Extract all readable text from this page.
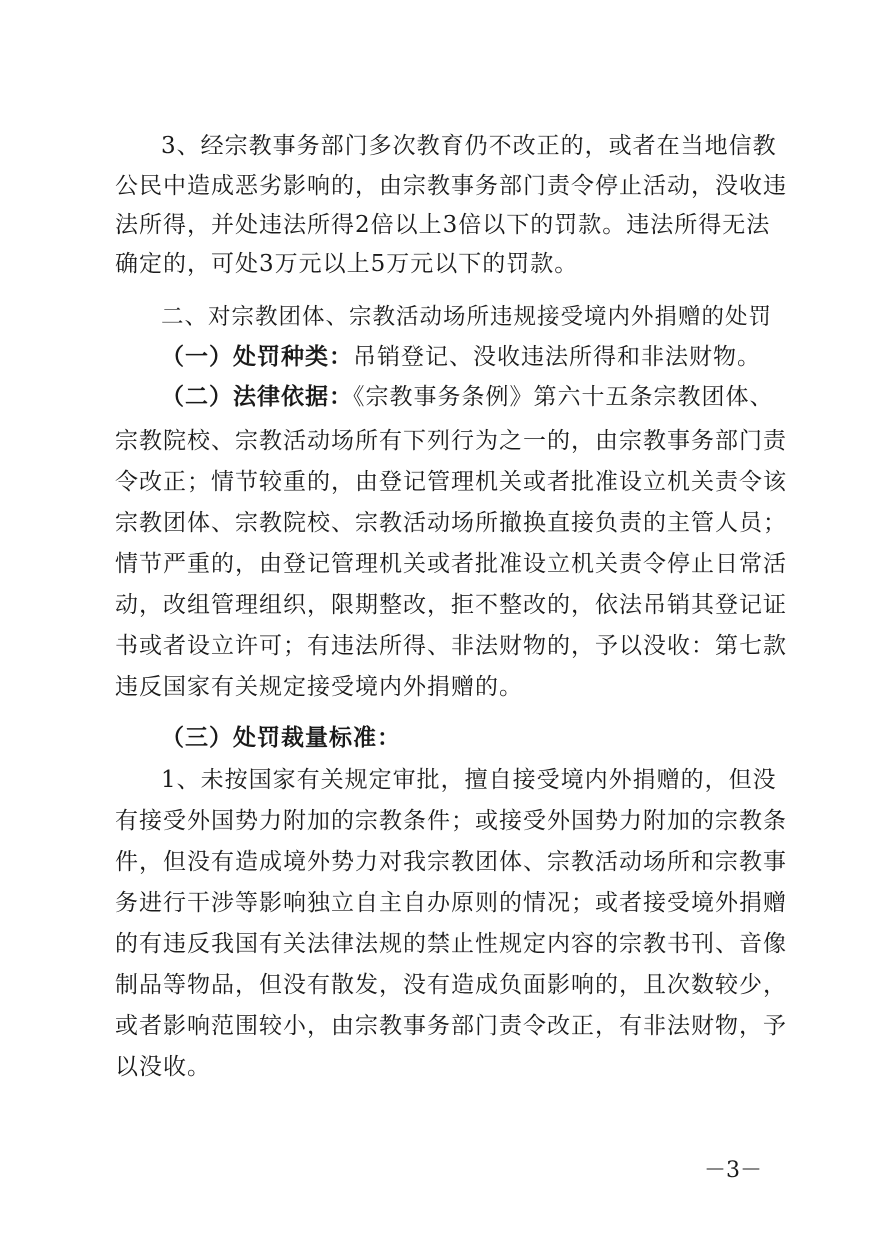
3、经宗教事务部门多次教育仍不改正的，或者在当地信教
公民中造成恶劣影响的，由宗教事务部门责令停止活动，没收违
法所得，并处违法所得2倍以上3倍以下的罚款。违法所得无法
确定的，可处3万元以上5万元以下的罚款。
二、对宗教团体、宗教活动场所违规接受境内外捐赠的处罚
（一）处罚种类：吊销登记、没收违法所得和非法财物。
（二）法律依据：《宗教事务条例》第六十五条宗教团体、
宗教院校、宗教活动场所有下列行为之一的，由宗教事务部门责
令改正；情节较重的，由登记管理机关或者批准设立机关责令该
宗教团体、宗教院校、宗教活动场所撤换直接负责的主管人员；
情节严重的，由登记管理机关或者批准设立机关责令停止日常活
动，改组管理组织，限期整改，拒不整改的，依法吊销其登记证
书或者设立许可；有违法所得、非法财物的，予以没收：第七款
违反国家有关规定接受境内外捐赠的。
（三）处罚裁量标准：
1、未按国家有关规定审批，擅自接受境内外捐赠的，但没
有接受外国势力附加的宗教条件；或接受外国势力附加的宗教条
件，但没有造成境外势力对我宗教团体、宗教活动场所和宗教事
务进行干涉等影响独立自主自办原则的情况；或者接受境外捐赠
的有违反我国有关法律法规的禁止性规定内容的宗教书刊、音像
制品等物品，但没有散发，没有造成负面影响的，且次数较少，
或者影响范围较小，由宗教事务部门责令改正，有非法财物，予
以没收。
－3－
